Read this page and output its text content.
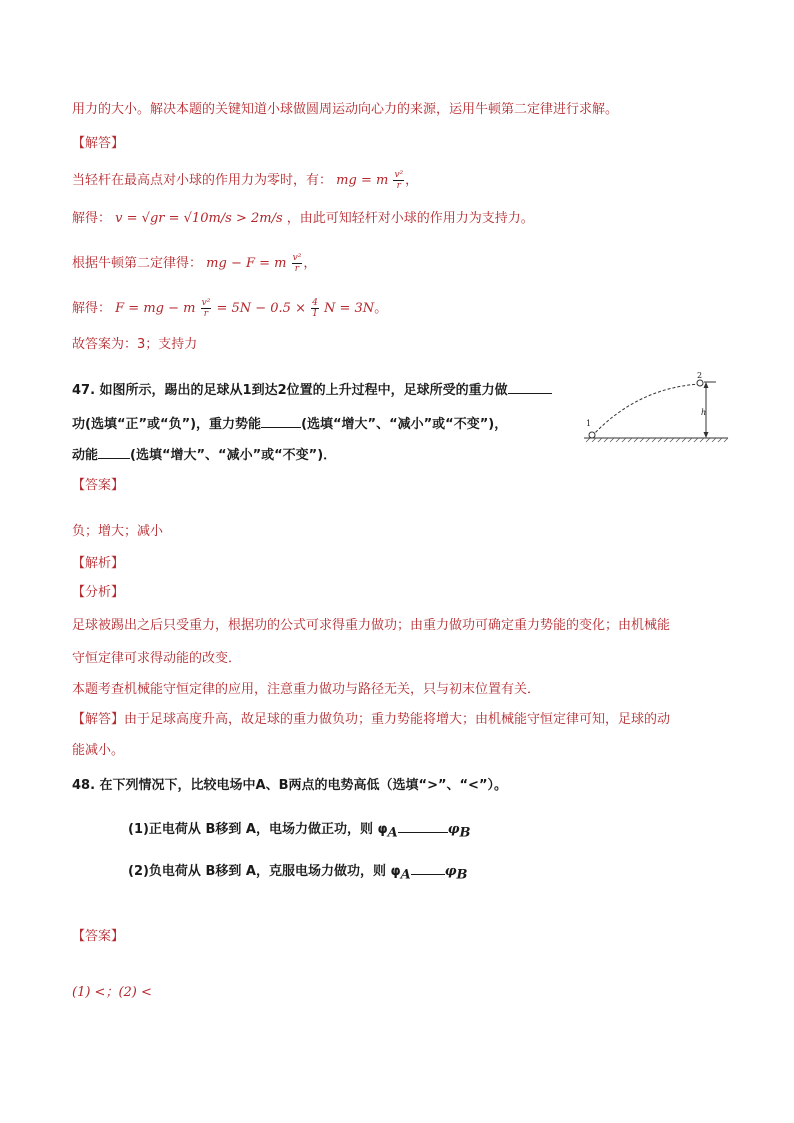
用力的大小。解决本题的关键知道小球做圆周运动向心力的来源，运用牛顿第二定律进行求解。
【解答】
当轻杆在最高点对小球的作用力为零时，有： mg = m $\frac{\text{v²}}{r}$ ，
解得： v = √gr = √10m/s > 2m/s ，由此可知轻杆对小球的作用力为支持力。
根据牛顿第二定律得： mg − F = m $\frac{\text{v²}}{r}$ ，
解得： F = mg − m $\frac{\text{v²}}{r} = 5N - 0.5 \times \frac{4}{1}$ N = 3N。
故答案为：3；支持力
47. 如图所示，踢出的足球从1到达2位置的上升过程中，足球所受的重力做
功(选填“正”或“负”)，重力势能	(选填“增大”、“减小”或“不变”)，
动能 (选填“增大”、“减小”或“不变”)．
1
2
h
【答案】
负；增大；减小
【解析】
【分析】
足球被踢出之后只受重力，根据功的公式可求得重力做功；由重力做功可确定重力势能的变化；由机械能
守恒定律可求得动能的改变．
本题考查机械能守恒定律的应用，注意重力做功与路径无关，只与初末位置有关．
【解答】由于足球高度升高，故足球的重力做负功；重力势能将增大；由机械能守恒定律可知，足球的动
能减小。
48. 在下列情况下，比较电场中A、B两点的电势高低（选填“>”、“<”）。
(1)正电荷从 B移到 A，电场力做正功，则 $\varphi_A$	$\varphi_B$
(2)负电荷从 B移到 A，克服电场力做功，则 $\varphi_A$	$\varphi_B$
【答案】
(1) <；(2) <
